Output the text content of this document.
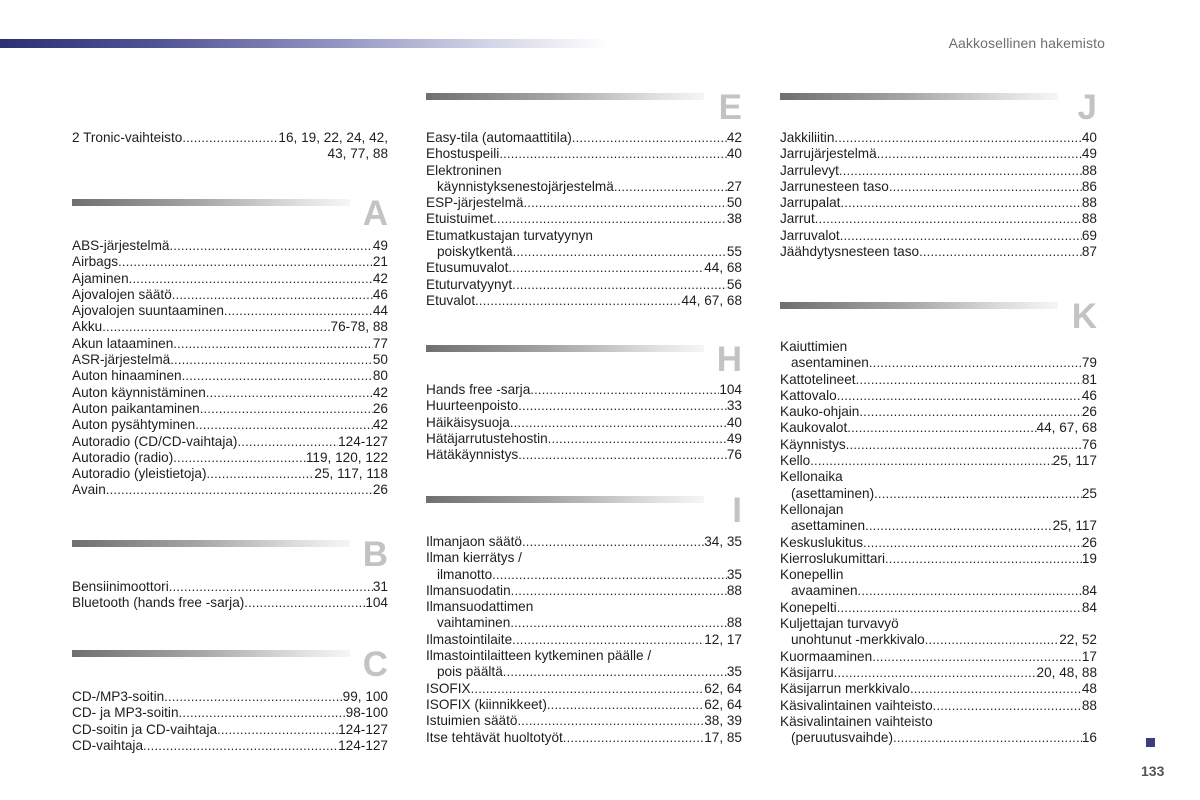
Aakkosellinen hakemisto
2 Tronic-vaihteisto .....	16, 19, 22, 24, 42,
43, 77, 88
A
ABS-järjestelmä .....	49
Airbags .....	21
Ajaminen .....	42
Ajovalojen säätö .....	46
Ajovalojen suuntaaminen .....	44
Akku .....	76-78, 88
Akun lataaminen .....	77
ASR-järjestelmä .....	50
Auton hinaaminen .....	80
Auton käynnistäminen .....	42
Auton paikantaminen .....	26
Auton pysähtyminen .....	42
Autoradio (CD/CD-vaihtaja) .....	124-127
Autoradio (radio) .....	119, 120, 122
Autoradio (yleistietoja) .....	25, 117, 118
Avain .....	26
B
Bensiinimoottori .....	31
Bluetooth (hands free -sarja) .....	104
C
CD-/MP3-soitin .....	99, 100
CD- ja MP3-soitin .....	98-100
CD-soitin ja CD-vaihtaja .....	124-127
CD-vaihtaja .....	124-127
E
Easy-tila (automaattitila) .....	42
Ehostuspeili .....	40
Elektroninen
käynnistyksenestojärjestelmä .....	27
ESP-järjestelmä .....	50
Etuistuimet .....	38
Etumatkustajan turvatyynyn
poiskytkentä .....	55
Etusumuvalot .....	44, 68
Etuturvatyynyt .....	56
Etuvalot .....	44, 67, 68
H
Hands free -sarja .....	104
Huurteenpoisto .....	33
Häikäisysuoja .....	40
Hätäjarrutustehostin .....	49
Hätäkäynnistys .....	76
I
Ilmanjaon säätö .....	34, 35
Ilman kierrätys /
ilmanotto .....	35
Ilmansuodatin .....	88
Ilmansuodattimen
vaihtaminen .....	88
Ilmastointilaite .....	12, 17
Ilmastointilaitteen kytkeminen päälle /
pois päältä .....	35
ISOFIX .....	62, 64
ISOFIX (kiinnikkeet) .....	62, 64
Istuimien säätö .....	38, 39
Itse tehtävät huoltotyöt .....	17, 85
J
Jakkiliitin .....	40
Jarrujärjestelmä .....	49
Jarrulevyt .....	88
Jarrunesteen taso .....	86
Jarrupalat .....	88
Jarrut .....	88
Jarruvalot .....	69
Jäähdytysnesteen taso .....	87
K
Kaiuttimien
asentaminen .....	79
Kattotelineet .....	81
Kattovalo .....	46
Kauko-ohjain .....	26
Kaukovalot .....	44, 67, 68
Käynnistys .....	76
Kello .....	25, 117
Kellonaika
(asettaminen) .....	25
Kellonajan
asettaminen .....	25, 117
Keskuslukitus .....	26
Kierroslukumittari .....	19
Konepellin
avaaminen .....	84
Konepelti .....	84
Kuljettajan turvavyö
unohtunut -merkkivalo .....	22, 52
Kuormaaminen .....	17
Käsijarru .....	20, 48, 88
Käsijarrun merkkivalo .....	48
Käsivalintainen vaihteisto .....	88
Käsivalintainen vaihteisto
(peruutusvaihde) .....	16
133
